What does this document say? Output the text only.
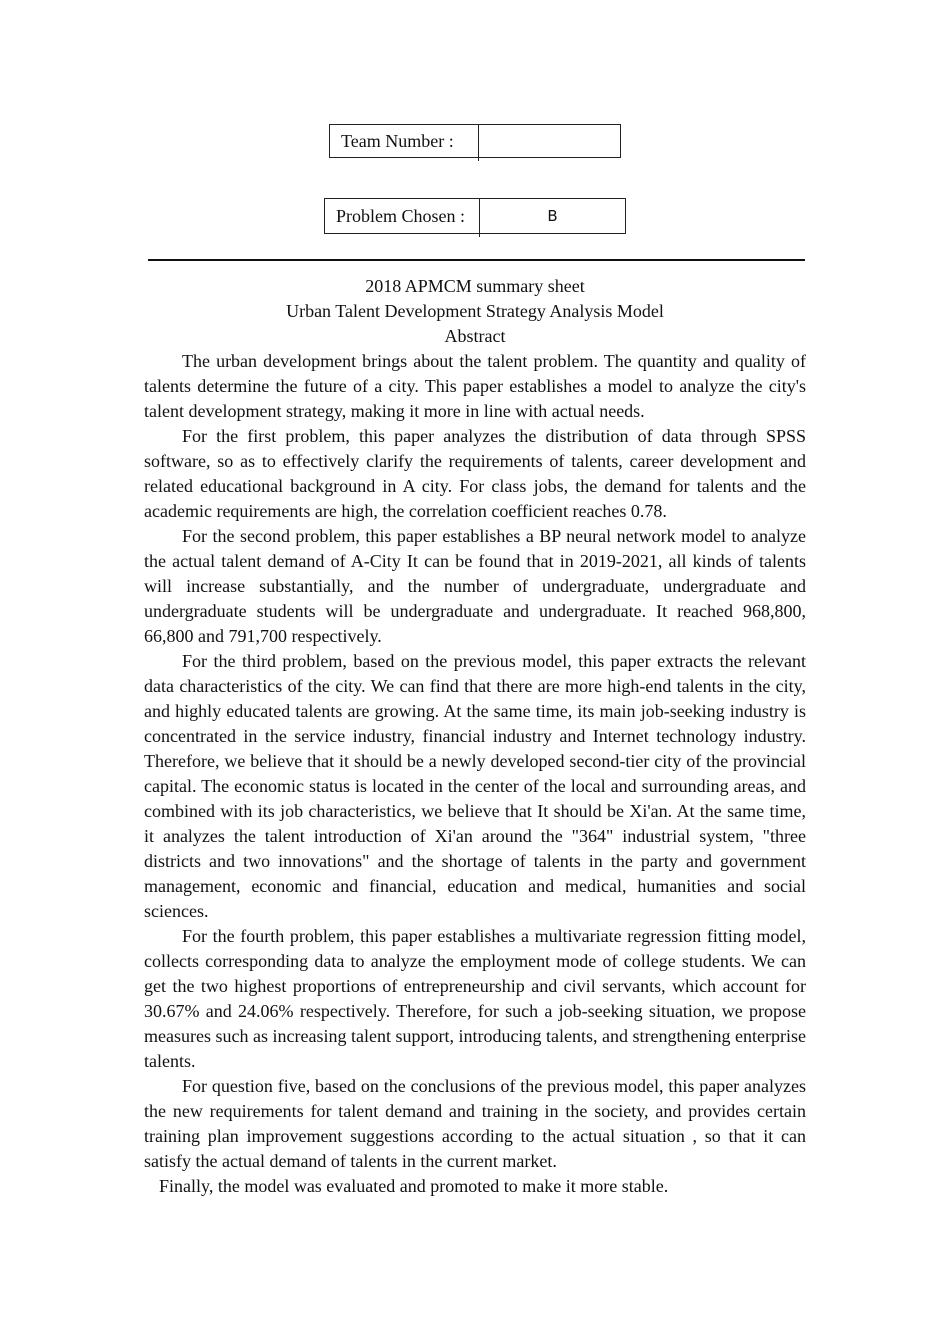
Team Number :
Problem Chosen :	B
2018 APMCM summary sheet
Urban Talent Development Strategy Analysis Model
Abstract

The urban development brings about the talent problem. The quantity and quality of talents determine the future of a city. This paper establishes a model to analyze the city's talent development strategy, making it more in line with actual needs.

For the first problem, this paper analyzes the distribution of data through SPSS software, so as to effectively clarify the requirements of talents, career development and related educational background in A city. For class jobs, the demand for talents and the academic requirements are high, the correlation coefficient reaches 0.78.

For the second problem, this paper establishes a BP neural network model to analyze the actual talent demand of A-City It can be found that in 2019-2021, all kinds of talents will increase substantially, and the number of undergraduate, undergraduate and undergraduate students will be undergraduate and undergraduate. It reached 968,800, 66,800 and 791,700 respectively.

For the third problem, based on the previous model, this paper extracts the relevant data characteristics of the city. We can find that there are more high-end talents in the city, and highly educated talents are growing. At the same time, its main job-seeking industry is concentrated in the service industry, financial industry and Internet technology industry. Therefore, we believe that it should be a newly developed second-tier city of the provincial capital. The economic status is located in the center of the local and surrounding areas, and combined with its job characteristics, we believe that It should be Xi'an. At the same time, it analyzes the talent introduction of Xi'an around the "364" industrial system, "three districts and two innovations" and the shortage of talents in the party and government management, economic and financial, education and medical, humanities and social sciences.

For the fourth problem, this paper establishes a multivariate regression fitting model, collects corresponding data to analyze the employment mode of college students. We can get the two highest proportions of entrepreneurship and civil servants, which account for 30.67% and 24.06% respectively. Therefore, for such a job-seeking situation, we propose measures such as increasing talent support, introducing talents, and strengthening enterprise talents.

For question five, based on the conclusions of the previous model, this paper analyzes the new requirements for talent demand and training in the society, and provides certain training plan improvement suggestions according to the actual situation , so that it can satisfy the actual demand of talents in the current market.

Finally, the model was evaluated and promoted to make it more stable.
